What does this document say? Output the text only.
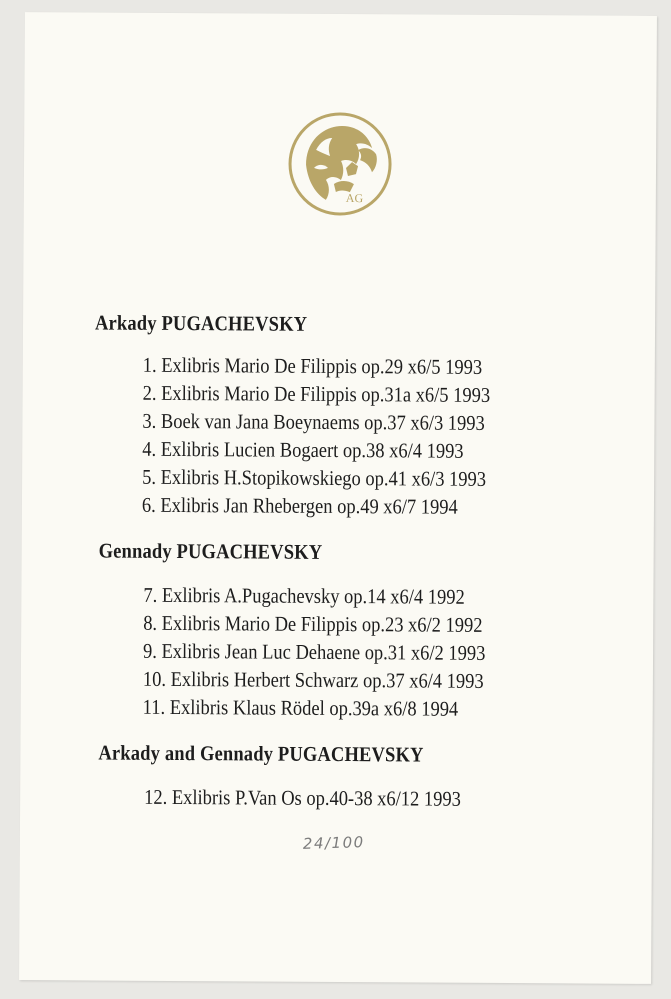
AG
Arkady PUGACHEVSKY
1. Exlibris Mario De Filippis op.29 x6/5 1993
2. Exlibris Mario De Filippis op.31a x6/5 1993
3. Boek van Jana Boeynaems op.37 x6/3 1993
4. Exlibris Lucien Bogaert op.38 x6/4 1993
5. Exlibris H.Stopikowskiego op.41 x6/3 1993
6. Exlibris Jan Rhebergen op.49 x6/7 1994
Gennady PUGACHEVSKY
7. Exlibris A.Pugachevsky op.14 x6/4 1992
8. Exlibris Mario De Filippis op.23 x6/2 1992
9. Exlibris Jean Luc Dehaene op.31 x6/2 1993
10. Exlibris Herbert Schwarz op.37 x6/4 1993
11. Exlibris Klaus Rödel op.39a x6/8 1994
Arkady and Gennady PUGACHEVSKY
12. Exlibris P.Van Os op.40-38 x6/12 1993
24/100
